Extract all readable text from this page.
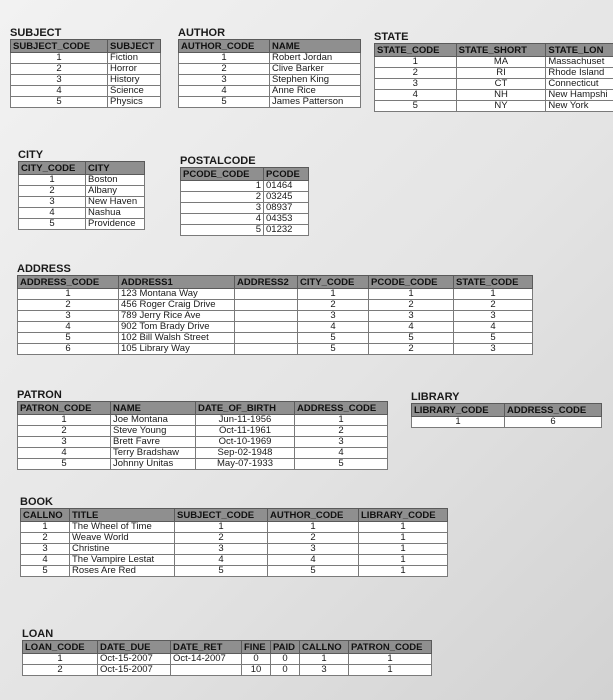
SUBJECT
SUBJECT_CODE	SUBJECT
1	Fiction
2	Horror
3	History
4	Science
5	Physics
AUTHOR
AUTHOR_CODE	NAME
1	Robert Jordan
2	Clive Barker
3	Stephen King
4	Anne Rice
5	James Patterson
STATE
STATE_CODE	STATE_SHORT	STATE_LON
1	MA	Massachuset
2	RI	Rhode Island
3	CT	Connecticut
4	NH	New Hampshi
5	NY	New York
CITY
CITY_CODE	CITY
1	Boston
2	Albany
3	New Haven
4	Nashua
5	Providence
POSTALCODE
PCODE_CODE	PCODE
1	01464
2	03245
3	08937
4	04353
5	01232
ADDRESS
ADDRESS_CODE	ADDRESS1	ADDRESS2	CITY_CODE	PCODE_CODE	STATE_CODE
1	123 Montana Way		1	1	1
2	456 Roger Craig Drive		2	2	2
3	789 Jerry Rice Ave		3	3	3
4	902 Tom Brady Drive		4	4	4
5	102 Bill Walsh Street		5	5	5
6	105 Library Way		5	2	3
PATRON
PATRON_CODE	NAME	DATE_OF_BIRTH	ADDRESS_CODE
1	Joe Montana	Jun-11-1956	1
2	Steve Young	Oct-11-1961	2
3	Brett Favre	Oct-10-1969	3
4	Terry Bradshaw	Sep-02-1948	4
5	Johnny Unitas	May-07-1933	5
LIBRARY
LIBRARY_CODE	ADDRESS_CODE
1	6
BOOK
CALLNO	TITLE	SUBJECT_CODE	AUTHOR_CODE	LIBRARY_CODE
1	The Wheel of Time	1	1	1
2	Weave World	2	2	1
3	Christine	3	3	1
4	The Vampire Lestat	4	4	1
5	Roses Are Red	5	5	1
LOAN
LOAN_CODE	DATE_DUE	DATE_RET	FINE	PAID	CALLNO	PATRON_CODE
1	Oct-15-2007	Oct-14-2007	0	0	1	1
2	Oct-15-2007		10	0	3	1
